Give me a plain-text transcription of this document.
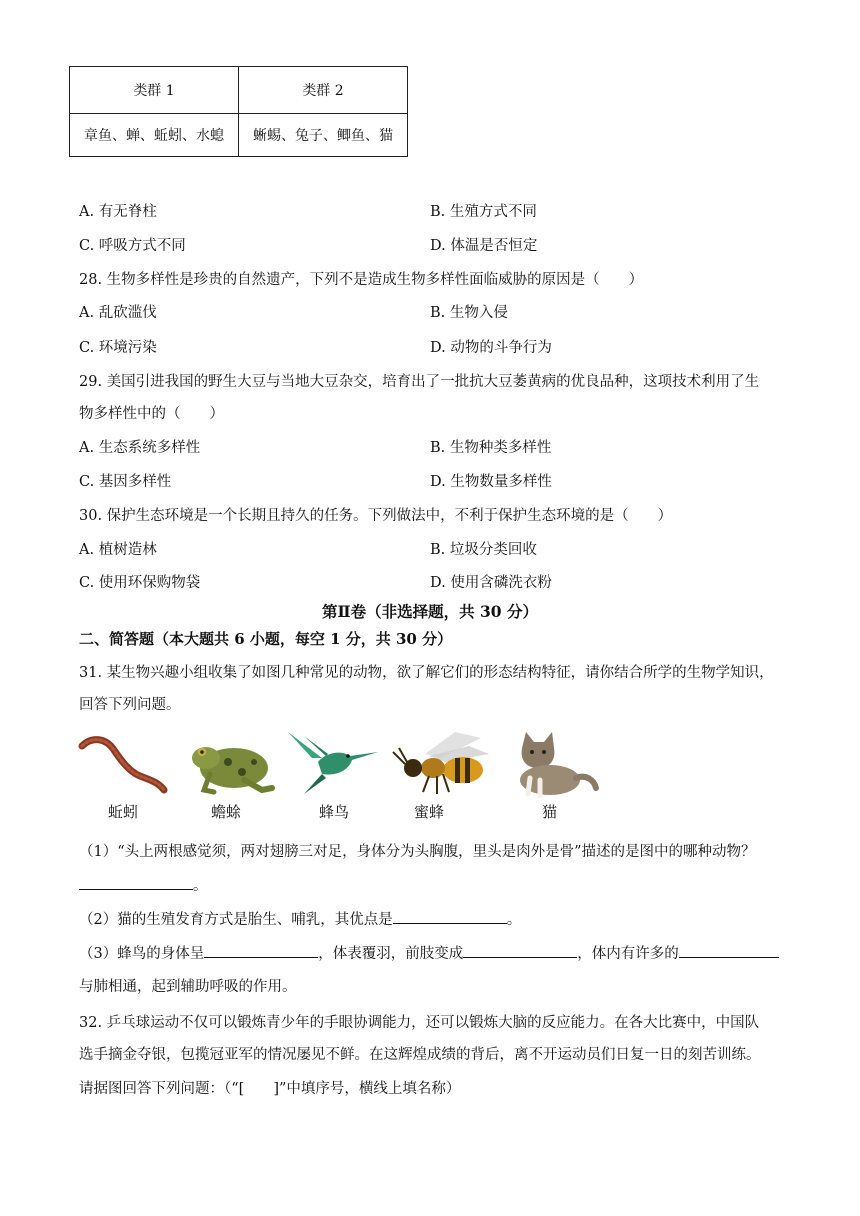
类群 1	类群 2
章鱼、蝉、蚯蚓、水螅	蜥蜴、兔子、鲫鱼、猫
A. 有无脊柱	B. 生殖方式不同
C. 呼吸方式不同	D. 体温是否恒定
28. 生物多样性是珍贵的自然遗产，下列不是造成生物多样性面临威胁的原因是（　　）
A. 乱砍滥伐	B. 生物入侵
C. 环境污染	D. 动物的斗争行为
29. 美国引进我国的野生大豆与当地大豆杂交，培育出了一批抗大豆萎黄病的优良品种，这项技术利用了生
物多样性中的（　　）
A. 生态系统多样性	B. 生物种类多样性
C. 基因多样性	D. 生物数量多样性
30. 保护生态环境是一个长期且持久的任务。下列做法中，不利于保护生态环境的是（　　）
A. 植树造林	B. 垃圾分类回收
C. 使用环保购物袋	D. 使用含磷洗衣粉
第Ⅱ卷（非选择题，共 30 分）
二、简答题（本大题共 6 小题，每空 1 分，共 30 分）
31. 某生物兴趣小组收集了如图几种常见的动物，欲了解它们的形态结构特征，请你结合所学的生物学知识，
回答下列问题。
蚯蚓	蟾蜍	蜂鸟	蜜蜂	猫
（1）“头上两根感觉须，两对翅膀三对足，身体分为头胸腹，里头是肉外是骨”描述的是图中的哪种动物？
。
（2）猫的生殖发育方式是胎生、哺乳，其优点是	。
（3）蜂鸟的身体呈	，体表覆羽，前肢变成	，体内有许多的
与肺相通，起到辅助呼吸的作用。
32. 乒乓球运动不仅可以锻炼青少年的手眼协调能力，还可以锻炼大脑的反应能力。在各大比赛中，中国队
选手摘金夺银，包揽冠亚军的情况屡见不鲜。在这辉煌成绩的背后，离不开运动员们日复一日的刻苦训练。
请据图回答下列问题：（“[　　]”中填序号，横线上填名称）
